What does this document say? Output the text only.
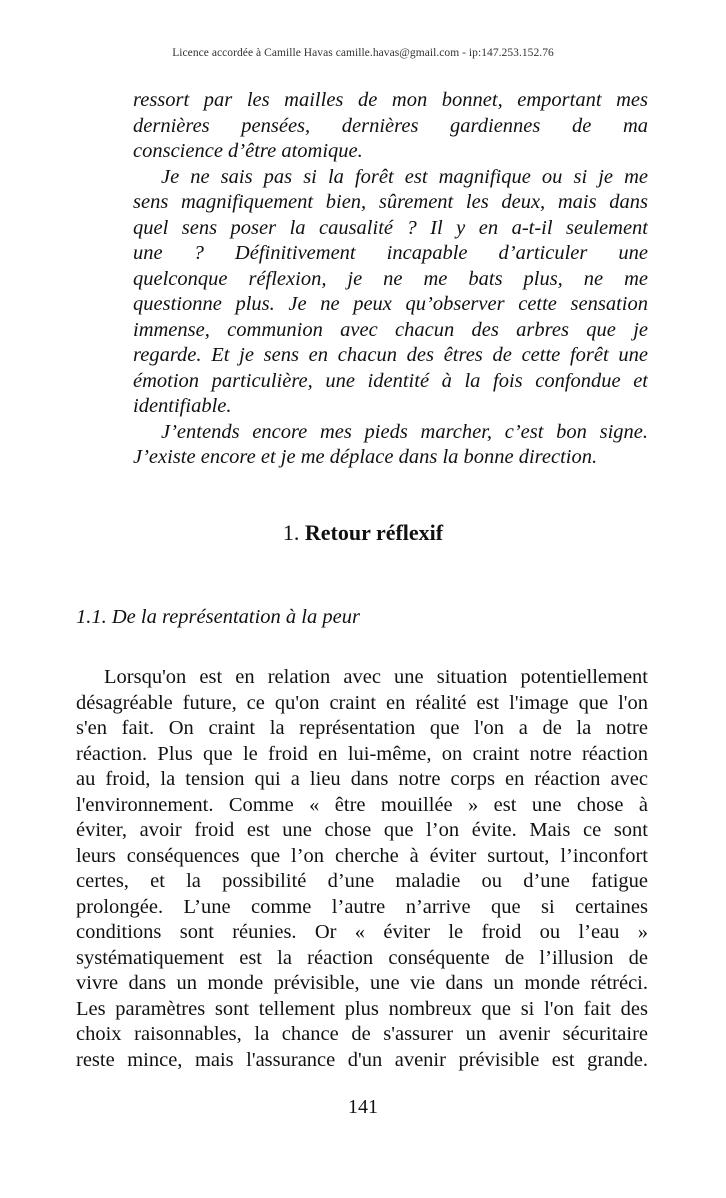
Licence accordée à Camille Havas camille.havas@gmail.com - ip:147.253.152.76
ressort par les mailles de mon bonnet, emportant mes
dernières pensées, dernières gardiennes de ma
conscience d’être atomique.
Je ne sais pas si la forêt est magnifique ou si je me
sens magnifiquement bien, sûrement les deux, mais dans
quel sens poser la causalité ? Il y en a-t-il seulement
une ? Définitivement incapable d’articuler une
quelconque réflexion, je ne me bats plus, ne me
questionne plus. Je ne peux qu’observer cette sensation
immense, communion avec chacun des arbres que je
regarde. Et je sens en chacun des êtres de cette forêt une
émotion particulière, une identité à la fois confondue et
identifiable.
J’entends encore mes pieds marcher, c’est bon signe.
J’existe encore et je me déplace dans la bonne direction.
1. Retour réflexif
1.1. De la représentation à la peur
Lorsqu'on est en relation avec une situation potentiellement
désagréable future, ce qu'on craint en réalité est l'image que l'on
s'en fait. On craint la représentation que l'on a de la notre
réaction. Plus que le froid en lui-même, on craint notre réaction
au froid, la tension qui a lieu dans notre corps en réaction avec
l'environnement. Comme « être mouillée » est une chose à
éviter, avoir froid est une chose que l’on évite. Mais ce sont
leurs conséquences que l’on cherche à éviter surtout, l’inconfort
certes, et la possibilité d’une maladie ou d’une fatigue
prolongée. L’une comme l’autre n’arrive que si certaines
conditions sont réunies. Or « éviter le froid ou l’eau »
systématiquement est la réaction conséquente de l’illusion de
vivre dans un monde prévisible, une vie dans un monde rétréci.
Les paramètres sont tellement plus nombreux que si l'on fait des
choix raisonnables, la chance de s'assurer un avenir sécuritaire
reste mince, mais l'assurance d'un avenir prévisible est grande.
141
